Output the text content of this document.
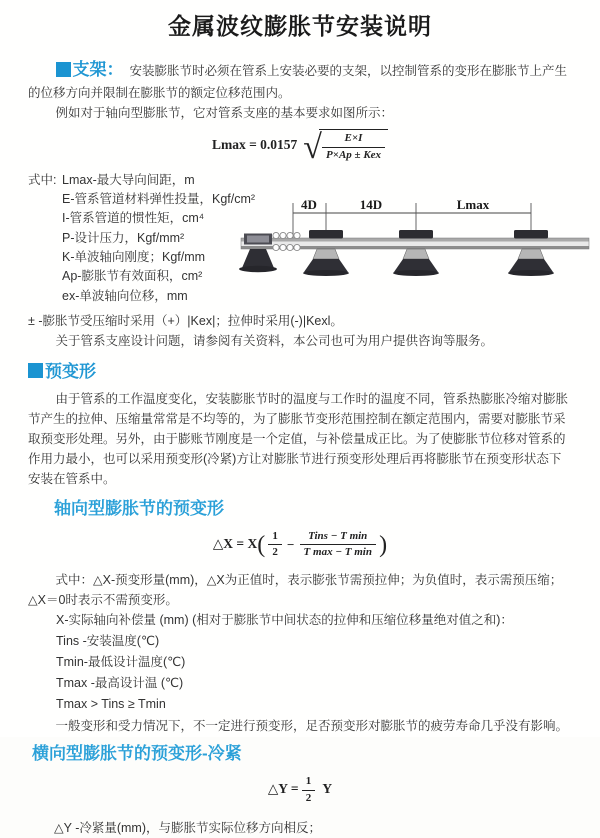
金属波纹膨胀节安装说明

支架： 安装膨胀节时必须在管系上安装必要的支架，以控制管系的变形在膨胀节上产生的位移方向并限制在膨胀节的额定位移范围内。

例如对于轴向型膨胀节，它对管系支座的基本要求如图所示：

Lmax = 0.0157 √ $\frac{E\times I}{\text{P×Ap ± Kex}}$
式中: Lmax-最大导向间距，m
E-管系管道材料弹性投量，Kgf/cm²
I-管系管道的惯性矩，cm⁴
P-设计压力，Kgf/mm²
K-单波轴向刚度；Kgf/mm
Ap-膨胀节有效面积，cm²
ex-单波轴向位移，mm
4D	14D	Lmax

± -膨胀节受压缩时采用（+）|Kex|；拉伸时采用(-)|Kexl。

关于管系支座设计问题，请参阅有关资料，本公司也可为用户提供咨询等服务。

预变形

由于管系的工作温度变化，安装膨胀节时的温度与工作时的温度不同，管系热膨胀冷缩对膨胀节产生的拉伸、压缩量常常是不均等的，为了膨胀节变形范围控制在额定范围内，需要对膨胀节采取预变形处理。另外，由于膨账节刚度是一个定值，与补偿量成正比。为了使膨胀节位移对管系的作用力最小，也可以采用预变形(冷紧)方让对膨胀节进行预变形处理后再将膨胀节在预变形状态下安装在管系中。

轴向型膨胀节的预变形
△X = $X( \frac{1}{2} - \frac{\text{Tins − T min}}{\text{T max − T min}}$ )

式中：△X-预变形量(mm)，△X为正值时，表示膨张节需预拉伸；为负值时，表示需预压缩；△X＝0时表示不需预变形。

X-实际轴向补偿量 (mm) (相对于膨胀节中间状态的拉伸和压缩位移量绝对值之和)：

Tins -安装温度(℃)

Tmin-最低设计温度(℃)

Tmax -最高设计温 (℃)

Tmax > Tins ≥ Tmin

一般变形和受力情况下，不一定进行预变形，足否预变形对膨胀节的疲劳寿命几乎没有影响。

横向型膨胀节的预变形-冷紧
△Y = $\frac{1}{2}$ Y

△Y -冷紧量(mm)，与膨胀节实际位移方向相反；
